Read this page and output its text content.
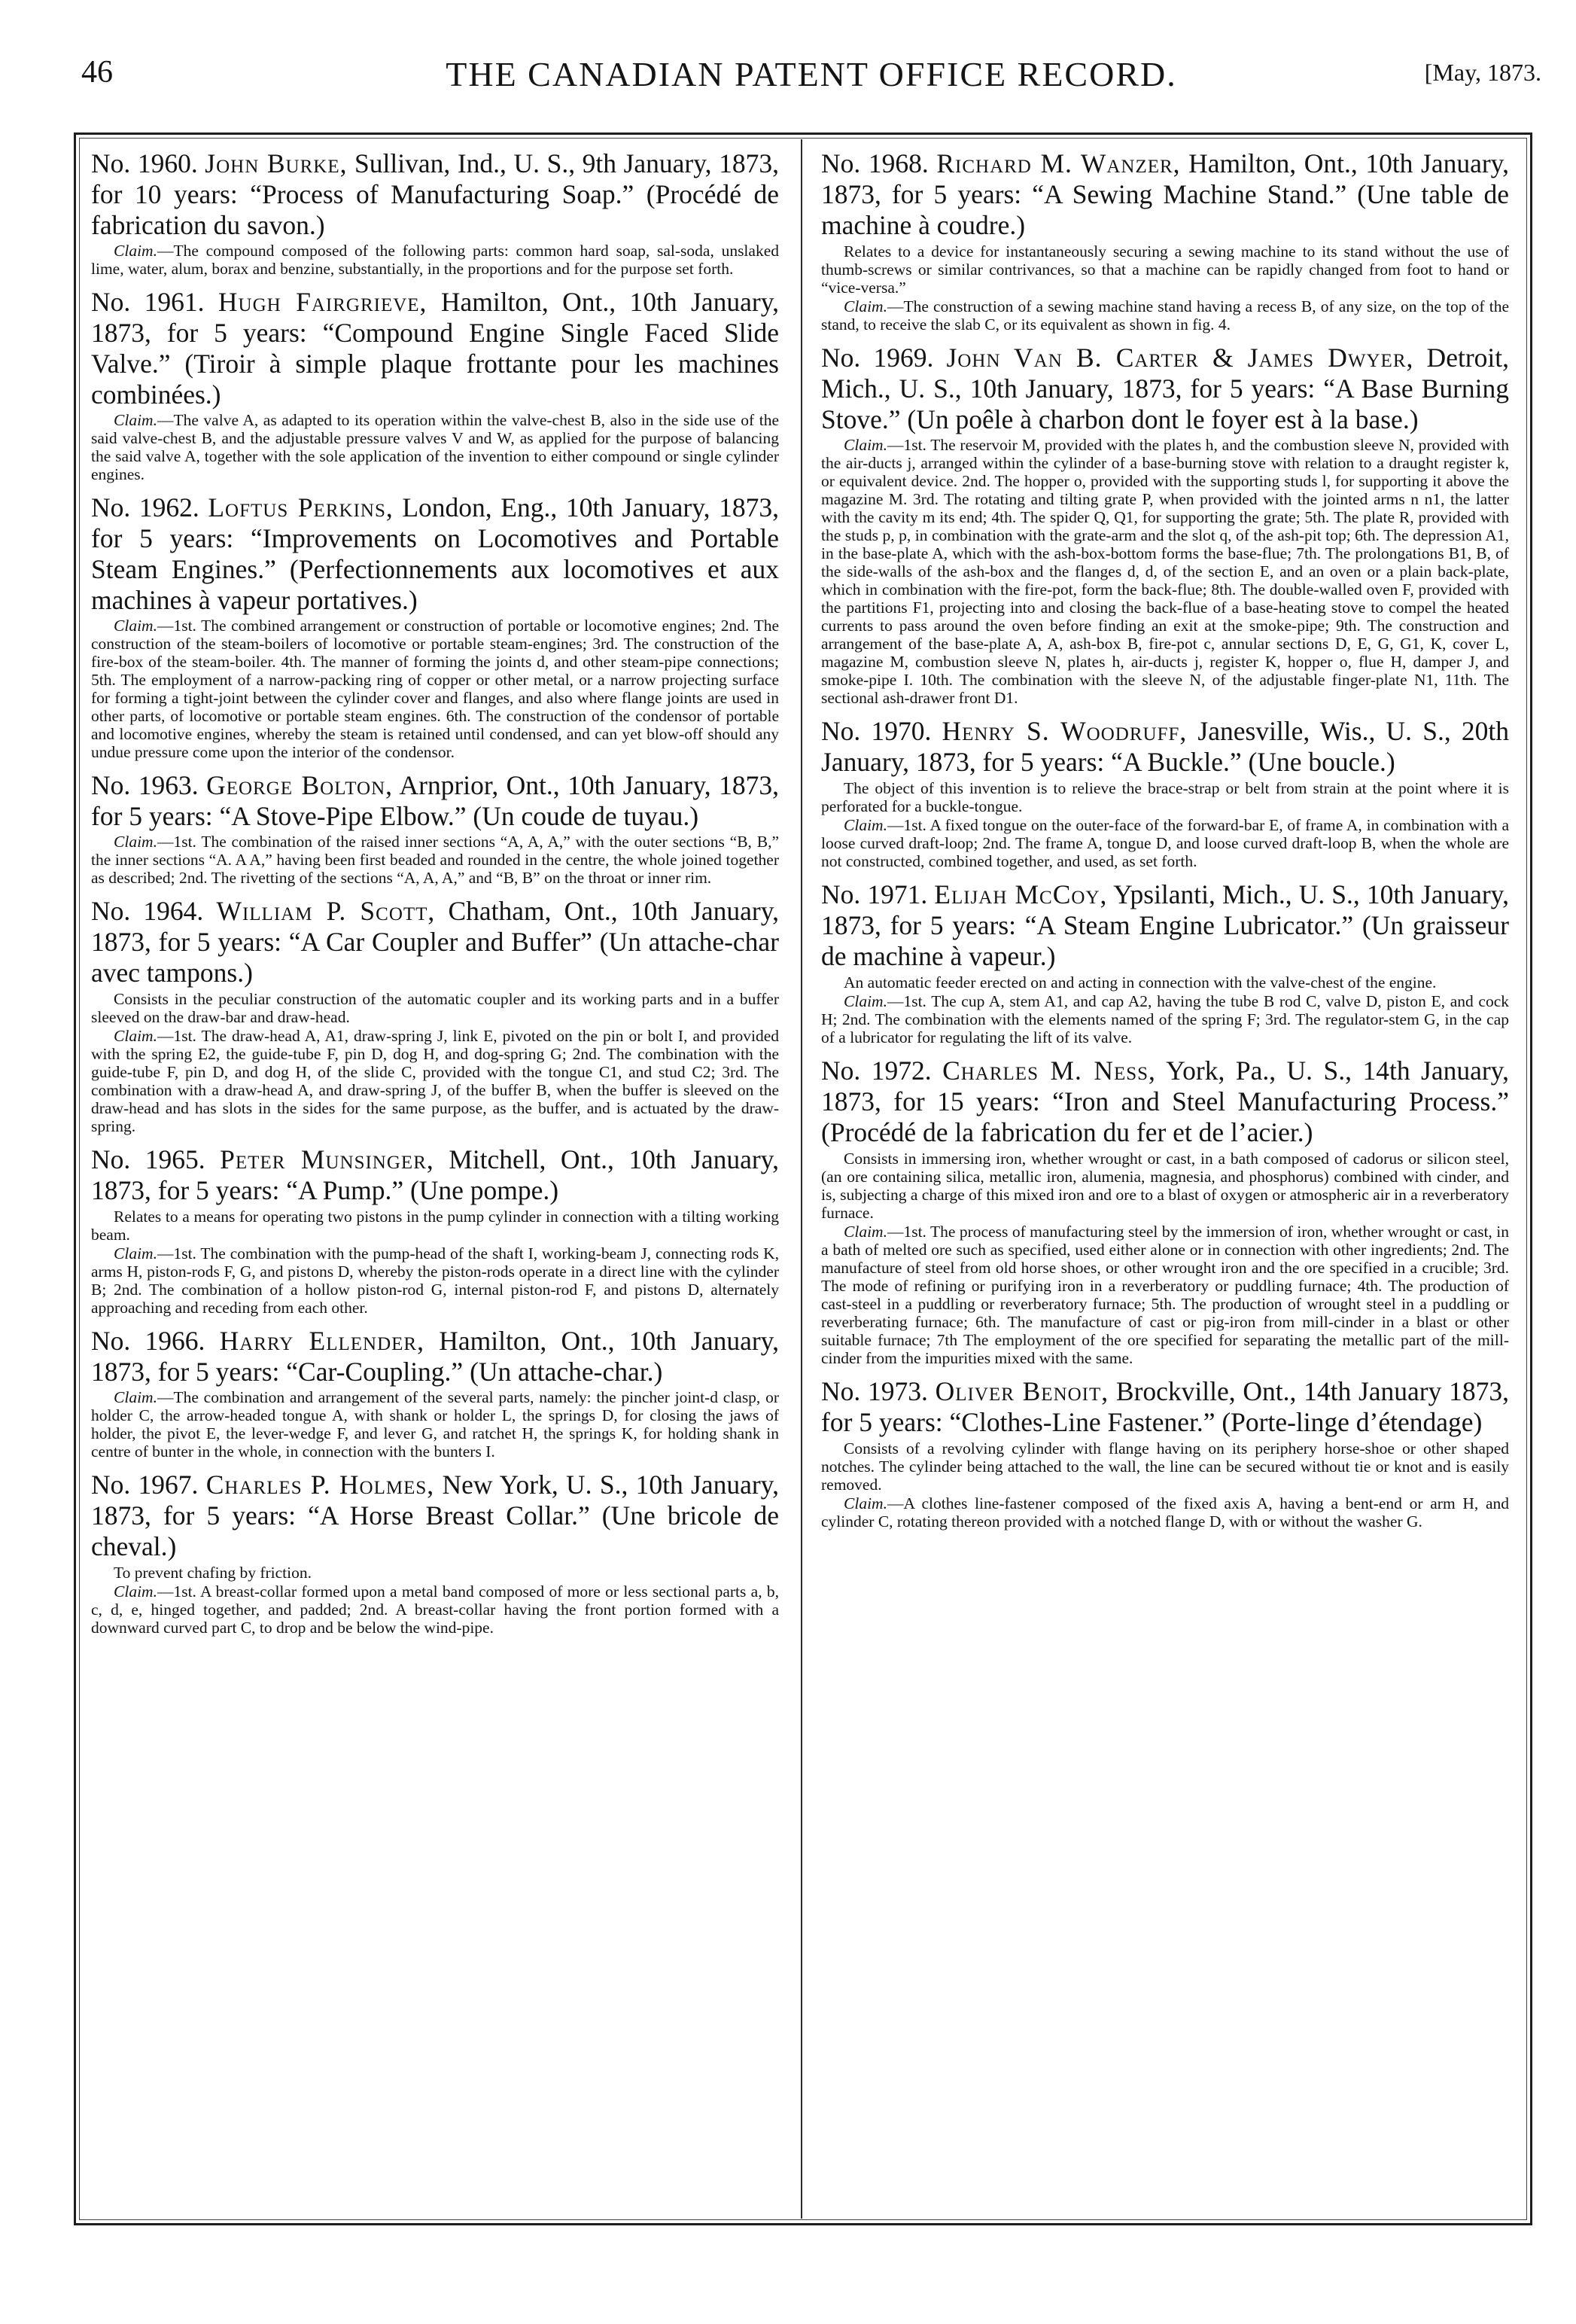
46	THE CANADIAN PATENT OFFICE RECORD.	[May, 1873.
No. 1960. John Burke, Sullivan, Ind., U. S., 9th January, 1873, for 10 years: “Process of Manufacturing Soap.” (Procédé de fabrication du savon.)
Claim.—The compound composed of the following parts: common hard soap, sal-soda, unslaked lime, water, alum, borax and benzine, substantially, in the proportions and for the purpose set forth.
No. 1961. Hugh Fairgrieve, Hamilton, Ont., 10th January, 1873, for 5 years: “Compound Engine Single Faced Slide Valve.” (Tiroir à simple plaque frottante pour les machines combinées.)
Claim.—The valve A, as adapted to its operation within the valve-chest B, also in the side use of the said valve-chest B, and the adjustable pressure valves V and W, as applied for the purpose of balancing the said valve A, together with the sole application of the invention to either compound or single cylinder engines.
No. 1962. Loftus Perkins, London, Eng., 10th January, 1873, for 5 years: “Improvements on Locomotives and Portable Steam Engines.” (Perfectionnements aux locomotives et aux machines à vapeur portatives.)
Claim.—1st. The combined arrangement or construction of portable or locomotive engines; 2nd. The construction of the steam-boilers of locomotive or portable steam-engines; 3rd. The construction of the fire-box of the steam-boiler. 4th. The manner of forming the joints d, and other steam-pipe connections; 5th. The employment of a narrow-packing ring of copper or other metal, or a narrow projecting surface for forming a tight-joint between the cylinder cover and flanges, and also where flange joints are used in other parts, of locomotive or portable steam engines. 6th. The construction of the condensor of portable and locomotive engines, whereby the steam is retained until condensed, and can yet blow-off should any undue pressure come upon the interior of the condensor.
No. 1963. George Bolton, Arnprior, Ont., 10th January, 1873, for 5 years: “A Stove-Pipe Elbow.” (Un coude de tuyau.)
Claim.—1st. The combination of the raised inner sections “A, A, A,” with the outer sections “B, B,” the inner sections “A. A A,” having been first beaded and rounded in the centre, the whole joined together as described; 2nd. The rivetting of the sections “A, A, A,” and “B, B” on the throat or inner rim.
No. 1964. William P. Scott, Chatham, Ont., 10th January, 1873, for 5 years: “A Car Coupler and Buffer” (Un attache-char avec tampons.)
Consists in the peculiar construction of the automatic coupler and its working parts and in a buffer sleeved on the draw-bar and draw-head.
Claim.—1st. The draw-head A, A1, draw-spring J, link E, pivoted on the pin or bolt I, and provided with the spring E2, the guide-tube F, pin D, dog H, and dog-spring G; 2nd. The combination with the guide-tube F, pin D, and dog H, of the slide C, provided with the tongue C1, and stud C2; 3rd. The combination with a draw-head A, and draw-spring J, of the buffer B, when the buffer is sleeved on the draw-head and has slots in the sides for the same purpose, as the buffer, and is actuated by the draw-spring.
No. 1965. Peter Munsinger, Mitchell, Ont., 10th January, 1873, for 5 years: “A Pump.” (Une pompe.)
Relates to a means for operating two pistons in the pump cylinder in connection with a tilting working beam.
Claim.—1st. The combination with the pump-head of the shaft I, working-beam J, connecting rods K, arms H, piston-rods F, G, and pistons D, whereby the piston-rods operate in a direct line with the cylinder B; 2nd. The combination of a hollow piston-rod G, internal piston-rod F, and pistons D, alternately approaching and receding from each other.
No. 1966. Harry Ellender, Hamilton, Ont., 10th January, 1873, for 5 years: “Car-Coupling.” (Un attache-char.)
Claim.—The combination and arrangement of the several parts, namely: the pincher joint-d clasp, or holder C, the arrow-headed tongue A, with shank or holder L, the springs D, for closing the jaws of holder, the pivot E, the lever-wedge F, and lever G, and ratchet H, the springs K, for holding shank in centre of bunter in the whole, in connection with the bunters I.
No. 1967. Charles P. Holmes, New York, U. S., 10th January, 1873, for 5 years: “A Horse Breast Collar.” (Une bricole de cheval.)
To prevent chafing by friction.
Claim.—1st. A breast-collar formed upon a metal band composed of more or less sectional parts a, b, c, d, e, hinged together, and padded; 2nd. A breast-collar having the front portion formed with a downward curved part C, to drop and be below the wind-pipe.
No. 1968. Richard M. Wanzer, Hamilton, Ont., 10th January, 1873, for 5 years: “A Sewing Machine Stand.” (Une table de machine à coudre.)
Relates to a device for instantaneously securing a sewing machine to its stand without the use of thumb-screws or similar contrivances, so that a machine can be rapidly changed from foot to hand or “vice-versa.”
Claim.—The construction of a sewing machine stand having a recess B, of any size, on the top of the stand, to receive the slab C, or its equivalent as shown in fig. 4.
No. 1969. John Van B. Carter & James Dwyer, Detroit, Mich., U. S., 10th January, 1873, for 5 years: “A Base Burning Stove.” (Un poêle à charbon dont le foyer est à la base.)
Claim.—1st. The reservoir M, provided with the plates h, and the combustion sleeve N, provided with the air-ducts j, arranged within the cylinder of a base-burning stove with relation to a draught register k, or equivalent device. 2nd. The hopper o, provided with the supporting studs l, for supporting it above the magazine M. 3rd. The rotating and tilting grate P, when provided with the jointed arms n n1, the latter with the cavity m its end; 4th. The spider Q, Q1, for supporting the grate; 5th. The plate R, provided with the studs p, p, in combination with the grate-arm and the slot q, of the ash-pit top; 6th. The depression A1, in the base-plate A, which with the ash-box-bottom forms the base-flue; 7th. The prolongations B1, B, of the side-walls of the ash-box and the flanges d, d, of the section E, and an oven or a plain back-plate, which in combination with the fire-pot, form the back-flue; 8th. The double-walled oven F, provided with the partitions F1, projecting into and closing the back-flue of a base-heating stove to compel the heated currents to pass around the oven before finding an exit at the smoke-pipe; 9th. The construction and arrangement of the base-plate A, A, ash-box B, fire-pot c, annular sections D, E, G, G1, K, cover L, magazine M, combustion sleeve N, plates h, air-ducts j, register K, hopper o, flue H, damper J, and smoke-pipe I. 10th. The combination with the sleeve N, of the adjustable finger-plate N1, 11th. The sectional ash-drawer front D1.
No. 1970. Henry S. Woodruff, Janesville, Wis., U. S., 20th January, 1873, for 5 years: “A Buckle.” (Une boucle.)
The object of this invention is to relieve the brace-strap or belt from strain at the point where it is perforated for a buckle-tongue.
Claim.—1st. A fixed tongue on the outer-face of the forward-bar E, of frame A, in combination with a loose curved draft-loop; 2nd. The frame A, tongue D, and loose curved draft-loop B, when the whole are not constructed, combined together, and used, as set forth.
No. 1971. Elijah McCoy, Ypsilanti, Mich., U. S., 10th January, 1873, for 5 years: “A Steam Engine Lubricator.” (Un graisseur de machine à vapeur.)
An automatic feeder erected on and acting in connection with the valve-chest of the engine.
Claim.—1st. The cup A, stem A1, and cap A2, having the tube B rod C, valve D, piston E, and cock H; 2nd. The combination with the elements named of the spring F; 3rd. The regulator-stem G, in the cap of a lubricator for regulating the lift of its valve.
No. 1972. Charles M. Ness, York, Pa., U. S., 14th January, 1873, for 15 years: “Iron and Steel Manufacturing Process.” (Procédé de la fabrication du fer et de l’acier.)
Consists in immersing iron, whether wrought or cast, in a bath composed of cadorus or silicon steel, (an ore containing silica, metallic iron, alumenia, magnesia, and phosphorus) combined with cinder, and is, subjecting a charge of this mixed iron and ore to a blast of oxygen or atmospheric air in a reverberatory furnace.
Claim.—1st. The process of manufacturing steel by the immersion of iron, whether wrought or cast, in a bath of melted ore such as specified, used either alone or in connection with other ingredients; 2nd. The manufacture of steel from old horse shoes, or other wrought iron and the ore specified in a crucible; 3rd. The mode of refining or purifying iron in a reverberatory or puddling furnace; 4th. The production of cast-steel in a puddling or reverberatory furnace; 5th. The production of wrought steel in a puddling or reverberating furnace; 6th. The manufacture of cast or pig-iron from mill-cinder in a blast or other suitable furnace; 7th The employment of the ore specified for separating the metallic part of the mill-cinder from the impurities mixed with the same.
No. 1973. Oliver Benoit, Brockville, Ont., 14th January 1873, for 5 years: “Clothes-Line Fastener.” (Porte-linge d’étendage)
Consists of a revolving cylinder with flange having on its periphery horse-shoe or other shaped notches. The cylinder being attached to the wall, the line can be secured without tie or knot and is easily removed.
Claim.—A clothes line-fastener composed of the fixed axis A, having a bent-end or arm H, and cylinder C, rotating thereon provided with a notched flange D, with or without the washer G.
